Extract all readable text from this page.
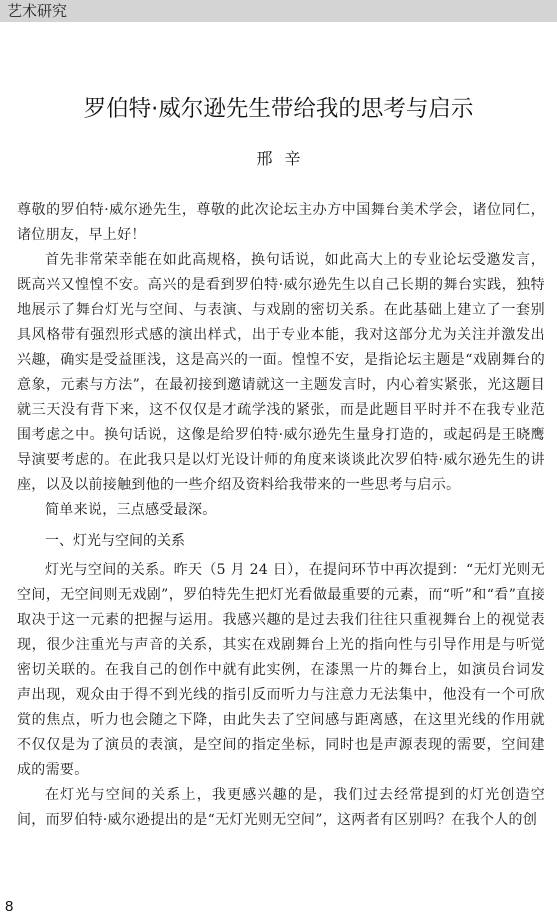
艺术研究
罗伯特·威尔逊先生带给我的思考与启示
邢辛

尊敬的罗伯特·威尔逊先生，尊敬的此次论坛主办方中国舞台美术学会，诸位同仁，诸位朋友，早上好！

首先非常荣幸能在如此高规格，换句话说，如此高大上的专业论坛受邀发言，既高兴又惶惶不安。高兴的是看到罗伯特·威尔逊先生以自己长期的舞台实践，独特地展示了舞台灯光与空间、与表演、与戏剧的密切关系。在此基础上建立了一套别具风格带有强烈形式感的演出样式，出于专业本能，我对这部分尤为关注并激发出兴趣，确实是受益匪浅，这是高兴的一面。惶惶不安，是指论坛主题是“戏剧舞台的意象，元素与方法”，在最初接到邀请就这一主题发言时，内心着实紧张，光这题目就三天没有背下来，这不仅仅是才疏学浅的紧张，而是此题目平时并不在我专业范围考虑之中。换句话说，这像是给罗伯特·威尔逊先生量身打造的，或起码是王晓鹰导演要考虑的。在此我只是以灯光设计师的角度来谈谈此次罗伯特·威尔逊先生的讲座，以及以前接触到他的一些介绍及资料给我带来的一些思考与启示。

简单来说，三点感受最深。

一、灯光与空间的关系

灯光与空间的关系。昨天（5 月 24 日），在提问环节中再次提到：“无灯光则无空间，无空间则无戏剧”，罗伯特先生把灯光看做最重要的元素，而“听”和“看”直接取决于这一元素的把握与运用。我感兴趣的是过去我们往往只重视舞台上的视觉表现，很少注重光与声音的关系，其实在戏剧舞台上光的指向性与引导作用是与听觉密切关联的。在我自己的创作中就有此实例，在漆黑一片的舞台上，如演员台词发声出现，观众由于得不到光线的指引反而听力与注意力无法集中，他没有一个可欣赏的焦点，听力也会随之下降，由此失去了空间感与距离感，在这里光线的作用就不仅仅是为了演员的表演，是空间的指定坐标，同时也是声源表现的需要，空间建成的需要。

在灯光与空间的关系上，我更感兴趣的是，我们过去经常提到的灯光创造空间，而罗伯特·威尔逊提出的是“无灯光则无空间”，这两者有区别吗？在我个人的创

8
